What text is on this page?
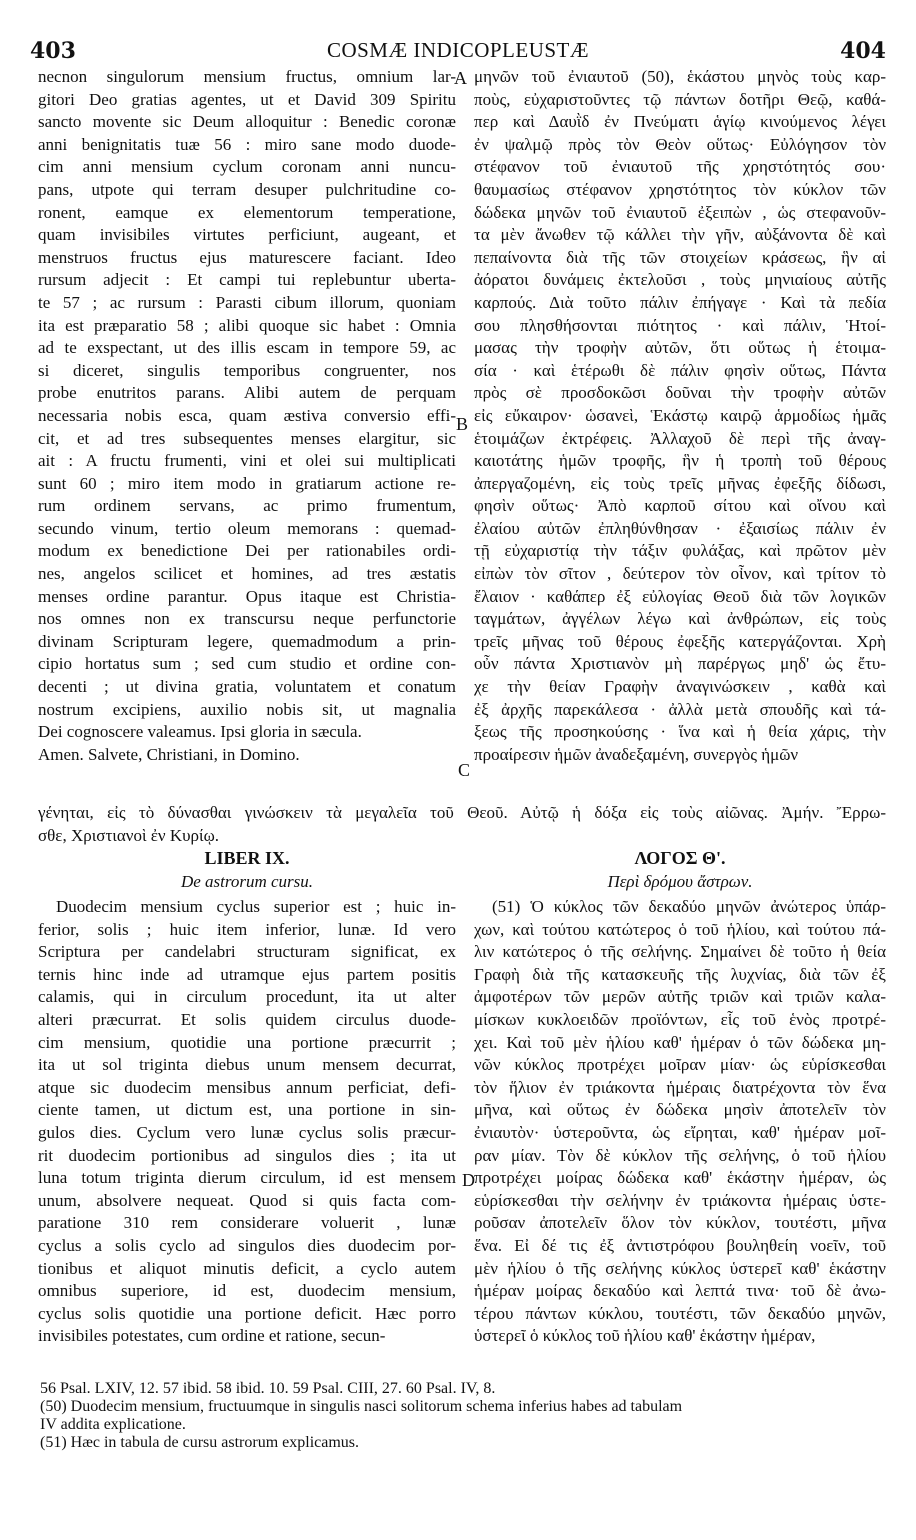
403	COSMÆ INDICOPLEUSTÆ	404
A
B
C
D
necnon singulorum mensium fructus, omnium lar-
gitori Deo gratias agentes, ut et David 309 Spiritu
sancto movente sic Deum alloquitur : Benedic coronæ
anni benignitatis tuæ 56 : miro sane modo duode-
cim anni mensium cyclum coronam anni nuncu-
pans, utpote qui terram desuper pulchritudine co-
ronent, eamque ex elementorum temperatione,
quam invisibiles virtutes perficiunt, augeant, et
menstruos fructus ejus maturescere faciant. Ideo
rursum adjecit : Et campi tui replebuntur uberta-
te 57 ; ac rursum : Parasti cibum illorum, quoniam
ita est præparatio 58 ; alibi quoque sic habet : Omnia
ad te exspectant, ut des illis escam in tempore 59, ac
si diceret, singulis temporibus congruenter, nos
probe enutritos parans. Alibi autem de perquam
necessaria nobis esca, quam æstiva conversio effi-
cit, et ad tres subsequentes menses elargitur, sic
ait : A fructu frumenti, vini et olei sui multiplicati
sunt 60 ; miro item modo in gratiarum actione re-
rum ordinem servans, ac primo frumentum,
secundo vinum, tertio oleum memorans : quemad-
modum ex benedictione Dei per rationabiles ordi-
nes, angelos scilicet et homines, ad tres æstatis
menses ordine parantur. Opus itaque est Christia-
nos omnes non ex transcursu neque perfunctorie
divinam Scripturam legere, quemadmodum a prin-
cipio hortatus sum ; sed cum studio et ordine con-
decenti ; ut divina gratia, voluntatem et conatum
nostrum excipiens, auxilio nobis sit, ut magnalia
Dei cognoscere valeamus. Ipsi gloria in sæcula.
Amen. Salvete, Christiani, in Domino.
μηνῶν τοῦ ἐνιαυτοῦ (50), ἑκάστου μηνὸς τοὺς καρ-
ποὺς, εὐχαριστοῦντες τῷ πάντων δοτῆρι Θεῷ, καθά-
περ καὶ Δαυῒδ ἐν Πνεύματι ἁγίῳ κινούμενος λέγει
ἐν ψαλμῷ πρὸς τὸν Θεὸν οὕτως· Εὐλόγησον τὸν
στέφανον τοῦ ἐνιαυτοῦ τῆς χρηστότητός σου·
θαυμασίως στέφανον χρηστότητος τὸν κύκλον τῶν
δώδεκα μηνῶν τοῦ ἐνιαυτοῦ ἐξειπὼν , ὡς στεφανοῦν-
τα μὲν ἄνωθεν τῷ κάλλει τὴν γῆν, αὐξάνοντα δὲ καὶ
πεπαίνοντα διὰ τῆς τῶν στοιχείων κράσεως, ἣν αἱ
ἀόρατοι δυνάμεις ἐκτελοῦσι , τοὺς μηνιαίους αὐτῆς
καρπούς. Διὰ τοῦτο πάλιν ἐπήγαγε · Καὶ τὰ πεδία
σου πλησθήσονται πιότητος · καὶ πάλιν, Ἡτοί-
μασας τὴν τροφὴν αὐτῶν, ὅτι οὕτως ἡ ἑτοιμα-
σία · καὶ ἑτέρωθι δὲ πάλιν φησὶν οὕτως, Πάντα
πρὸς σὲ προσδοκῶσι δοῦναι τὴν τροφὴν αὐτῶν
εἰς εὔκαιρον· ὡσανεὶ, Ἑκάστῳ καιρῷ ἁρμοδίως ἡμᾶς
ἑτοιμάζων ἐκτρέφεις. Ἀλλαχοῦ δὲ περὶ τῆς ἀναγ-
καιοτάτης ἡμῶν τροφῆς, ἣν ἡ τροπὴ τοῦ θέρους
ἀπεργαζομένη, εἰς τοὺς τρεῖς μῆνας ἐφεξῆς δίδωσι,
φησὶν οὕτως· Ἀπὸ καρποῦ σίτου καὶ οἴνου καὶ
ἐλαίου αὐτῶν ἐπληθύνθησαν · ἐξαισίως πάλιν ἐν
τῇ εὐχαριστίᾳ τὴν τάξιν φυλάξας, καὶ πρῶτον μὲν
εἰπὼν τὸν σῖτον , δεύτερον τὸν οἶνον, καὶ τρίτον τὸ
ἔλαιον · καθάπερ ἐξ εὐλογίας Θεοῦ διὰ τῶν λογικῶν
ταγμάτων, ἀγγέλων λέγω καὶ ἀνθρώπων, εἰς τοὺς
τρεῖς μῆνας τοῦ θέρους ἐφεξῆς κατεργάζονται. Χρὴ
οὖν πάντα Χριστιανὸν μὴ παρέργως μηδ' ὡς ἔτυ-
χε τὴν θείαν Γραφὴν ἀναγινώσκειν , καθὰ καὶ
ἐξ ἀρχῆς παρεκάλεσα · ἀλλὰ μετὰ σπουδῆς καὶ τά-
ξεως τῆς προσηκούσης · ἵνα καὶ ἡ θεία χάρις, τὴν
προαίρεσιν ἡμῶν ἀναδεξαμένη, συνεργὸς ἡμῶν
γένηται, εἰς τὸ δύνασθαι γινώσκειν τὰ μεγαλεῖα τοῦ Θεοῦ. Αὐτῷ ἡ δόξα εἰς τοὺς αἰῶνας. Ἀμήν. Ἔρρω-
σθε, Χριστιανοὶ ἐν Κυρίῳ.
LIBER IX.
De astrorum cursu.
ΛΟΓΟΣ Θ'.
Περὶ δρόμου ἄστρων.
Duodecim mensium cyclus superior est ; huic in-
ferior, solis ; huic item inferior, lunæ. Id vero
Scriptura per candelabri structuram significat, ex
ternis hinc inde ad utramque ejus partem positis
calamis, qui in circulum procedunt, ita ut alter
alteri præcurrat. Et solis quidem circulus duode-
cim mensium, quotidie una portione præcurrit ;
ita ut sol triginta diebus unum mensem decurrat,
atque sic duodecim mensibus annum perficiat, defi-
ciente tamen, ut dictum est, una portione in sin-
gulos dies. Cyclum vero lunæ cyclus solis præcur-
rit duodecim portionibus ad singulos dies ; ita ut
luna totum triginta dierum circulum, id est mensem
unum, absolvere nequeat. Quod si quis facta com-
paratione 310 rem considerare voluerit , lunæ
cyclus a solis cyclo ad singulos dies duodecim por-
tionibus et aliquot minutis deficit, a cyclo autem
omnibus superiore, id est, duodecim mensium,
cyclus solis quotidie una portione deficit. Hæc porro
invisibiles potestates, cum ordine et ratione, secun-
(51) Ὁ κύκλος τῶν δεκαδύο μηνῶν ἀνώτερος ὑπάρ-
χων, καὶ τούτου κατώτερος ὁ τοῦ ἡλίου, καὶ τούτου πά-
λιν κατώτερος ὁ τῆς σελήνης. Σημαίνει δὲ τοῦτο ἡ θεία
Γραφὴ διὰ τῆς κατασκευῆς τῆς λυχνίας, διὰ τῶν ἐξ
ἀμφοτέρων τῶν μερῶν αὐτῆς τριῶν καὶ τριῶν καλα-
μίσκων κυκλοειδῶν προϊόντων, εἷς τοῦ ἑνὸς προτρέ-
χει. Καὶ τοῦ μὲν ἡλίου καθ' ἡμέραν ὁ τῶν δώδεκα μη-
νῶν κύκλος προτρέχει μοῖραν μίαν· ὡς εὑρίσκεσθαι
τὸν ἥλιον ἐν τριάκοντα ἡμέραις διατρέχοντα τὸν ἕνα
μῆνα, καὶ οὕτως ἐν δώδεκα μησὶν ἀποτελεῖν τὸν
ἐνιαυτὸν· ὑστεροῦντα, ὡς εἴρηται, καθ' ἡμέραν μοῖ-
ραν μίαν. Τὸν δὲ κύκλον τῆς σελήνης, ὁ τοῦ ἡλίου
προτρέχει μοίρας δώδεκα καθ' ἑκάστην ἡμέραν, ὡς
εὑρίσκεσθαι τὴν σελήνην ἐν τριάκοντα ἡμέραις ὑστε-
ροῦσαν ἀποτελεῖν ὅλον τὸν κύκλον, τουτέστι, μῆνα
ἕνα. Εἰ δέ τις ἐξ ἀντιστρόφου βουληθείη νοεῖν, τοῦ
μὲν ἡλίου ὁ τῆς σελήνης κύκλος ὑστερεῖ καθ' ἑκάστην
ἡμέραν μοίρας δεκαδύο καὶ λεπτά τινα· τοῦ δὲ ἀνω-
τέρου πάντων κύκλου, τουτέστι, τῶν δεκαδύο μηνῶν,
ὑστερεῖ ὁ κύκλος τοῦ ἡλίου καθ' ἑκάστην ἡμέραν,
56 Psal. LXIV, 12. 57 ibid. 58 ibid. 10. 59 Psal. CIII, 27. 60 Psal. IV, 8.
(50) Duodecim mensium, fructuumque in singulis nasci solitorum schema inferius habes ad tabulam
IV addita explicatione.
(51) Hæc in tabula de cursu astrorum explicamus.
